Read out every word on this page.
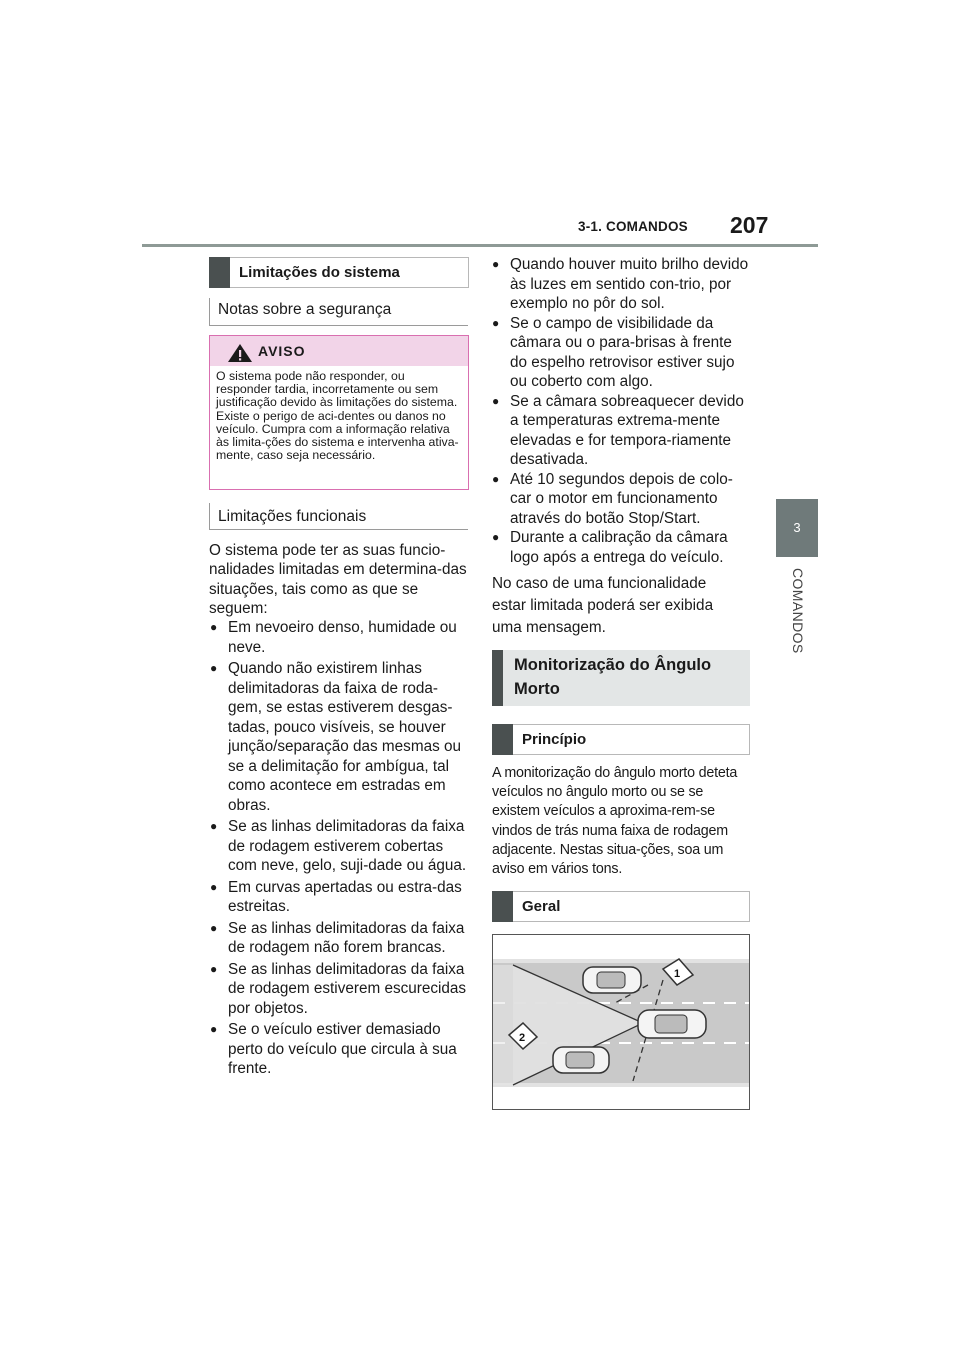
3-1. COMANDOS 207
3
COMANDOS
Limitações do sistema
Notas sobre a segurança
AVISO
O sistema pode não responder, ou responder tardia, incorretamente ou sem justificação devido às limitações do sistema. Existe o perigo de aci-dentes ou danos no veículo. Cumpra com a informação relativa às limita-ções do sistema e intervenha ativa-mente, caso seja necessário.
Limitações funcionais
O sistema pode ter as suas funcio-nalidades limitadas em determina-das situações, tais como as que se seguem:
● Em nevoeiro denso, humidade ou neve.
● Quando não existirem linhas delimitadoras da faixa de roda-gem, se estas estiverem desgas-tadas, pouco visíveis, se houver junção/separação das mesmas ou se a delimitação for ambígua, tal como acontece em estradas em obras.
● Se as linhas delimitadoras da faixa de rodagem estiverem cobertas com neve, gelo, suji-dade ou água.
● Em curvas apertadas ou estra-das estreitas.
● Se as linhas delimitadoras da faixa de rodagem não forem brancas.
● Se as linhas delimitadoras da faixa de rodagem estiverem escurecidas por objetos.
● Se o veículo estiver demasiado perto do veículo que circula à sua frente.
● Quando houver muito brilho devido às luzes em sentido con-trio, por exemplo no pôr do sol.
● Se o campo de visibilidade da câmara ou o para-brisas à frente do espelho retrovisor estiver sujo ou coberto com algo.
● Se a câmara sobreaquecer devido a temperaturas extrema-mente elevadas e for tempora-riamente desativada.
● Até 10 segundos depois de colo-car o motor em funcionamento através do botão Stop/Start.
● Durante a calibração da câmara logo após a entrega do veículo.
No caso de uma funcionalidade estar limitada poderá ser exibida uma mensagem.
Monitorização do Ângulo Morto
Princípio
A monitorização do ângulo morto deteta veículos no ângulo morto ou se se existem veículos a aproxima-rem-se vindos de trás numa faixa de rodagem adjacente. Nestas situa-ções, soa um aviso em vários tons.
Geral
1
2
